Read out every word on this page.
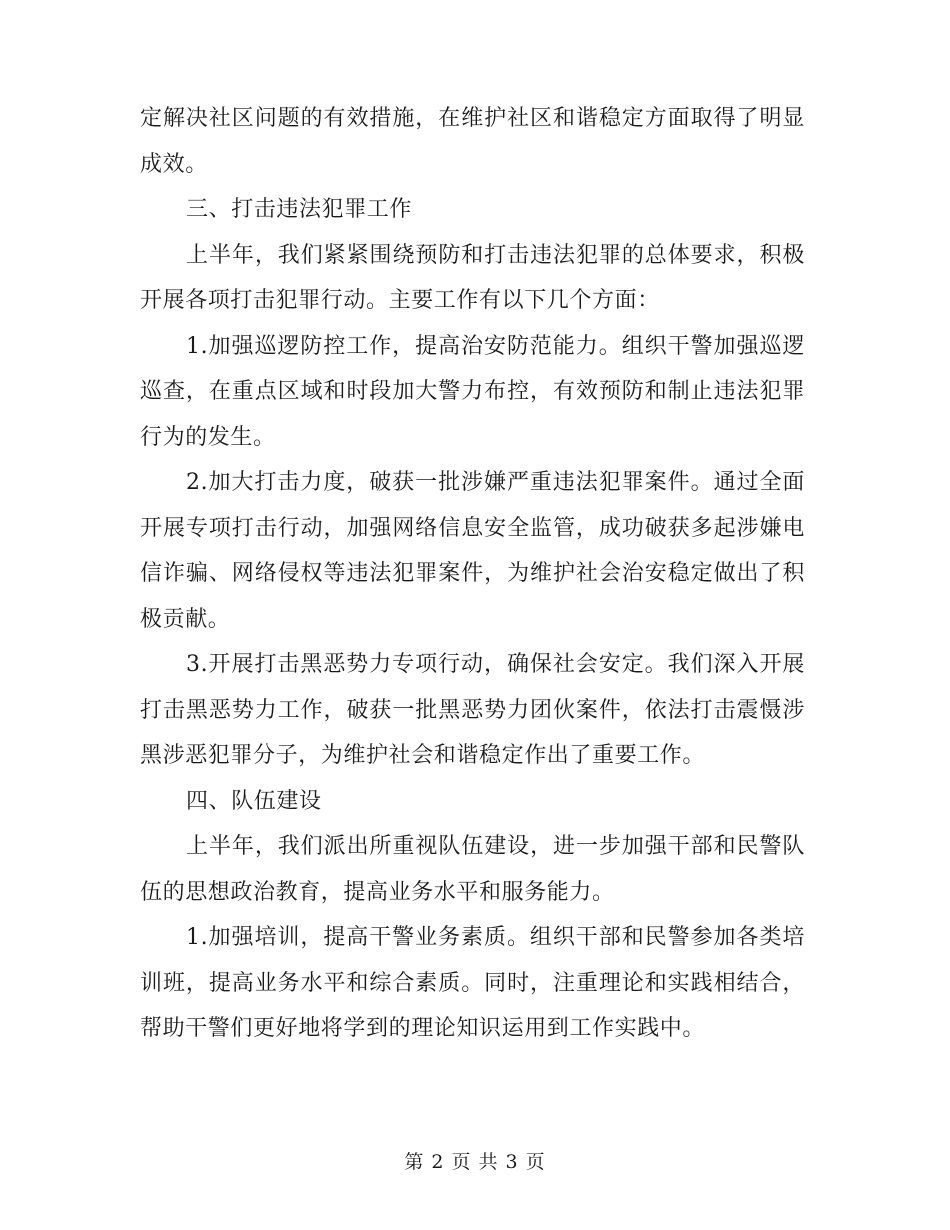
定解决社区问题的有效措施，在维护社区和谐稳定方面取得了明显成效。

三、打击违法犯罪工作

上半年，我们紧紧围绕预防和打击违法犯罪的总体要求，积极开展各项打击犯罪行动。主要工作有以下几个方面：

1.加强巡逻防控工作，提高治安防范能力。组织干警加强巡逻巡查，在重点区域和时段加大警力布控，有效预防和制止违法犯罪行为的发生。

2.加大打击力度，破获一批涉嫌严重违法犯罪案件。通过全面开展专项打击行动，加强网络信息安全监管，成功破获多起涉嫌电信诈骗、网络侵权等违法犯罪案件，为维护社会治安稳定做出了积极贡献。

3.开展打击黑恶势力专项行动，确保社会安定。我们深入开展打击黑恶势力工作，破获一批黑恶势力团伙案件，依法打击震慑涉黑涉恶犯罪分子，为维护社会和谐稳定作出了重要工作。

四、队伍建设

上半年，我们派出所重视队伍建设，进一步加强干部和民警队伍的思想政治教育，提高业务水平和服务能力。

1.加强培训，提高干警业务素质。组织干部和民警参加各类培训班，提高业务水平和综合素质。同时，注重理论和实践相结合，帮助干警们更好地将学到的理论知识运用到工作实践中。

第 2 页 共 3 页
